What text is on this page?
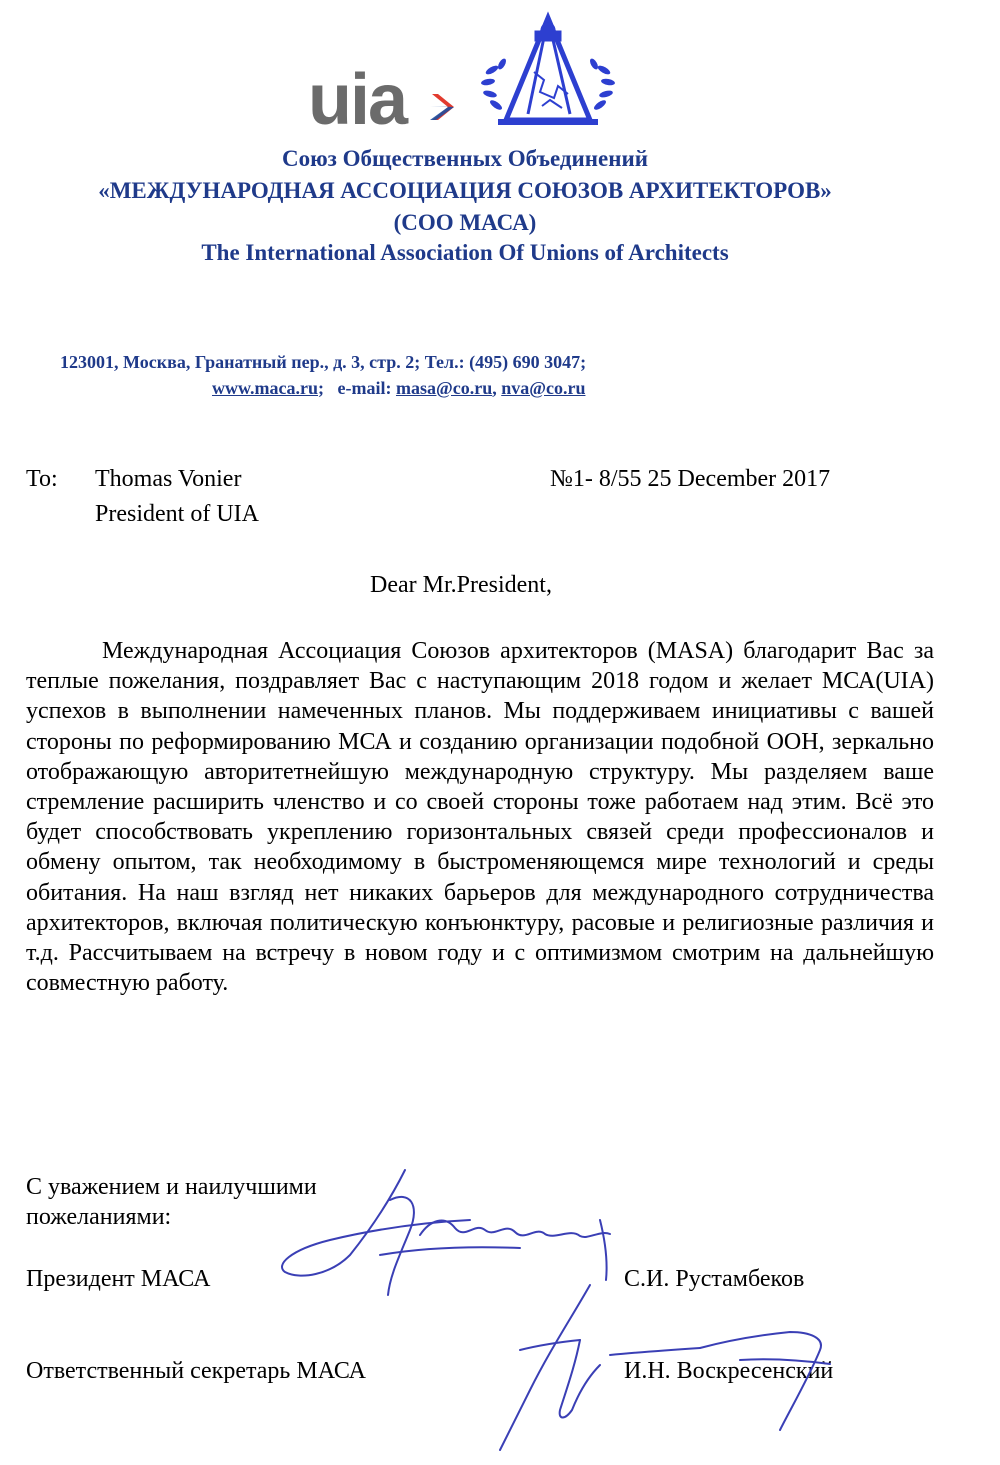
uia
Союз Общественных Объединений
«МЕЖДУНАРОДНАЯ АССОЦИАЦИЯ СОЮЗОВ АРХИТЕКТОРОВ»
(СОО МАСА)
The International Association Of Unions of Architects
123001, Москва, Гранатный пер., д. 3, стр. 2; Тел.: (495) 690 3047;
www.maca.ru; e-mail: masa@co.ru, nva@co.ru
To: Thomas Vonier
President of UIA
№1- 8/55 25 December 2017
Dear Mr.President,

Международная Ассоциация Союзов архитекторов (MASA) благодарит Вас за теплые пожелания, поздравляет Вас с наступающим 2018 годом и желает МСА(UIA) успехов в выполнении намеченных планов. Мы поддерживаем инициативы с вашей стороны по реформированию МСА и созданию организации подобной ООН, зеркально отображающую авторитетнейшую международную структуру. Мы разделяем ваше стремление расширить членство и со своей стороны тоже работаем над этим. Всё это будет способствовать укреплению горизонтальных связей среди профессионалов и обмену опытом, так необходимому в быстроменяющемся мире технологий и среды обитания. На наш взгляд нет никаких барьеров для международного сотрудничества архитекторов, включая политическую конъюнктуру, расовые и религиозные различия и т.д. Рассчитываем на встречу в новом году и с оптимизмом смотрим на дальнейшую совместную работу.

С уважением и наилучшими
пожеланиями:
Президент МАСА	С.И. Рустамбеков
Ответственный секретарь МАСА	И.Н. Воскресенский
